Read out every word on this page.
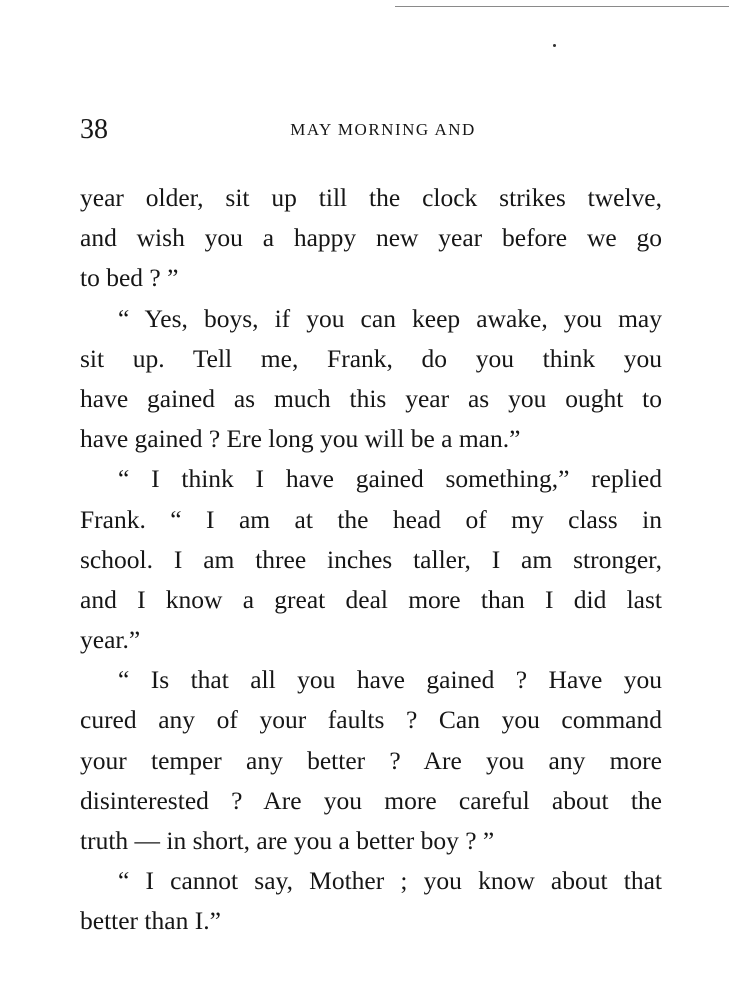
38	MAY MORNING AND
year older, sit up till the clock strikes twelve,
and wish you a happy new year before we go
to bed ? ”
“ Yes, boys, if you can keep awake, you may
sit up. Tell me, Frank, do you think you
have gained as much this year as you ought to
have gained ? Ere long you will be a man.”
“ I think I have gained something,” replied
Frank. “ I am at the head of my class in
school. I am three inches taller, I am stronger,
and I know a great deal more than I did last
year.”
“ Is that all you have gained ? Have you
cured any of your faults ? Can you command
your temper any better ? Are you any more
disinterested ? Are you more careful about the
truth — in short, are you a better boy ? ”
“ I cannot say, Mother ; you know about that
better than I.”
